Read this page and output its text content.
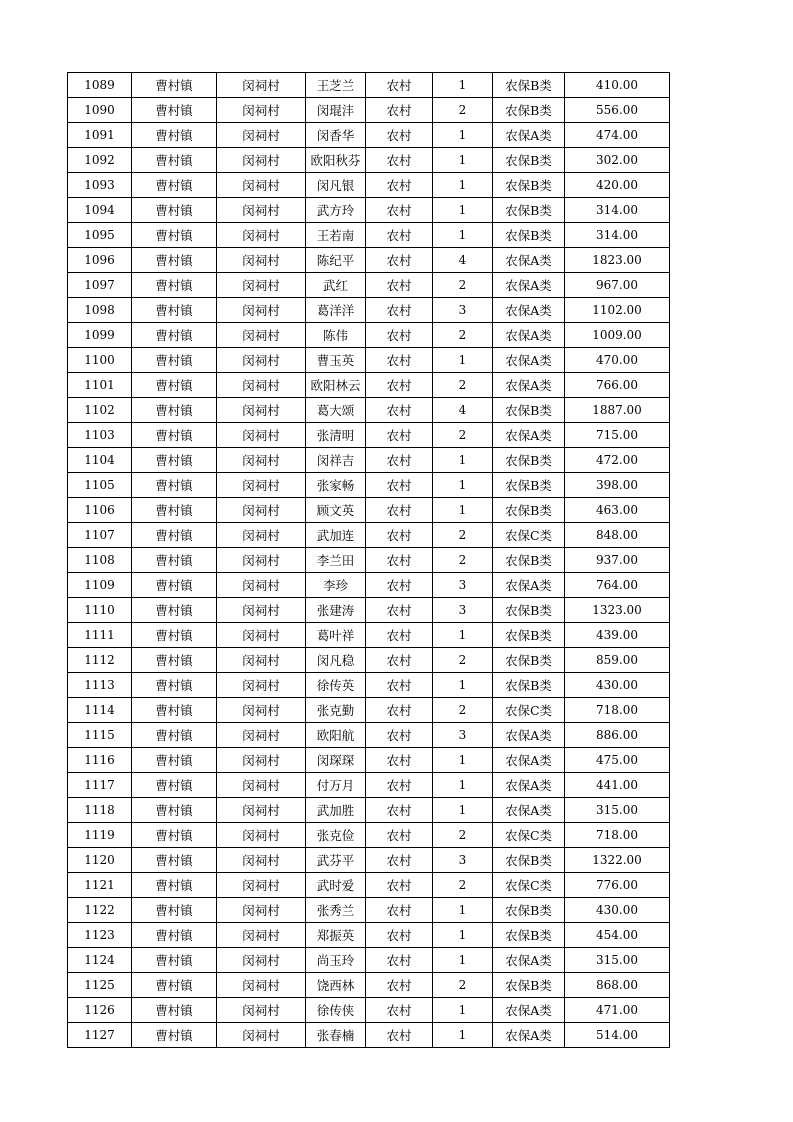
1089	曹村镇	闵祠村	王芝兰	农村	1	农保B类	410.00
1090	曹村镇	闵祠村	闵琨沣	农村	2	农保B类	556.00
1091	曹村镇	闵祠村	闵香华	农村	1	农保A类	474.00
1092	曹村镇	闵祠村	欧阳秋芬	农村	1	农保B类	302.00
1093	曹村镇	闵祠村	闵凡银	农村	1	农保B类	420.00
1094	曹村镇	闵祠村	武方玲	农村	1	农保B类	314.00
1095	曹村镇	闵祠村	王若南	农村	1	农保B类	314.00
1096	曹村镇	闵祠村	陈纪平	农村	4	农保A类	1823.00
1097	曹村镇	闵祠村	武红	农村	2	农保A类	967.00
1098	曹村镇	闵祠村	葛洋洋	农村	3	农保A类	1102.00
1099	曹村镇	闵祠村	陈伟	农村	2	农保A类	1009.00
1100	曹村镇	闵祠村	曹玉英	农村	1	农保A类	470.00
1101	曹村镇	闵祠村	欧阳林云	农村	2	农保A类	766.00
1102	曹村镇	闵祠村	葛大颂	农村	4	农保B类	1887.00
1103	曹村镇	闵祠村	张清明	农村	2	农保A类	715.00
1104	曹村镇	闵祠村	闵祥吉	农村	1	农保B类	472.00
1105	曹村镇	闵祠村	张家畅	农村	1	农保B类	398.00
1106	曹村镇	闵祠村	顾文英	农村	1	农保B类	463.00
1107	曹村镇	闵祠村	武加连	农村	2	农保C类	848.00
1108	曹村镇	闵祠村	李兰田	农村	2	农保B类	937.00
1109	曹村镇	闵祠村	李珍	农村	3	农保A类	764.00
1110	曹村镇	闵祠村	张建涛	农村	3	农保B类	1323.00
1111	曹村镇	闵祠村	葛叶祥	农村	1	农保B类	439.00
1112	曹村镇	闵祠村	闵凡稳	农村	2	农保B类	859.00
1113	曹村镇	闵祠村	徐传英	农村	1	农保B类	430.00
1114	曹村镇	闵祠村	张克勤	农村	2	农保C类	718.00
1115	曹村镇	闵祠村	欧阳航	农村	3	农保A类	886.00
1116	曹村镇	闵祠村	闵琛琛	农村	1	农保A类	475.00
1117	曹村镇	闵祠村	付万月	农村	1	农保A类	441.00
1118	曹村镇	闵祠村	武加胜	农村	1	农保A类	315.00
1119	曹村镇	闵祠村	张克俭	农村	2	农保C类	718.00
1120	曹村镇	闵祠村	武芬平	农村	3	农保B类	1322.00
1121	曹村镇	闵祠村	武时爱	农村	2	农保C类	776.00
1122	曹村镇	闵祠村	张秀兰	农村	1	农保B类	430.00
1123	曹村镇	闵祠村	郑振英	农村	1	农保B类	454.00
1124	曹村镇	闵祠村	尚玉玲	农村	1	农保A类	315.00
1125	曹村镇	闵祠村	饶西林	农村	2	农保B类	868.00
1126	曹村镇	闵祠村	徐传侠	农村	1	农保A类	471.00
1127	曹村镇	闵祠村	张春楠	农村	1	农保A类	514.00
